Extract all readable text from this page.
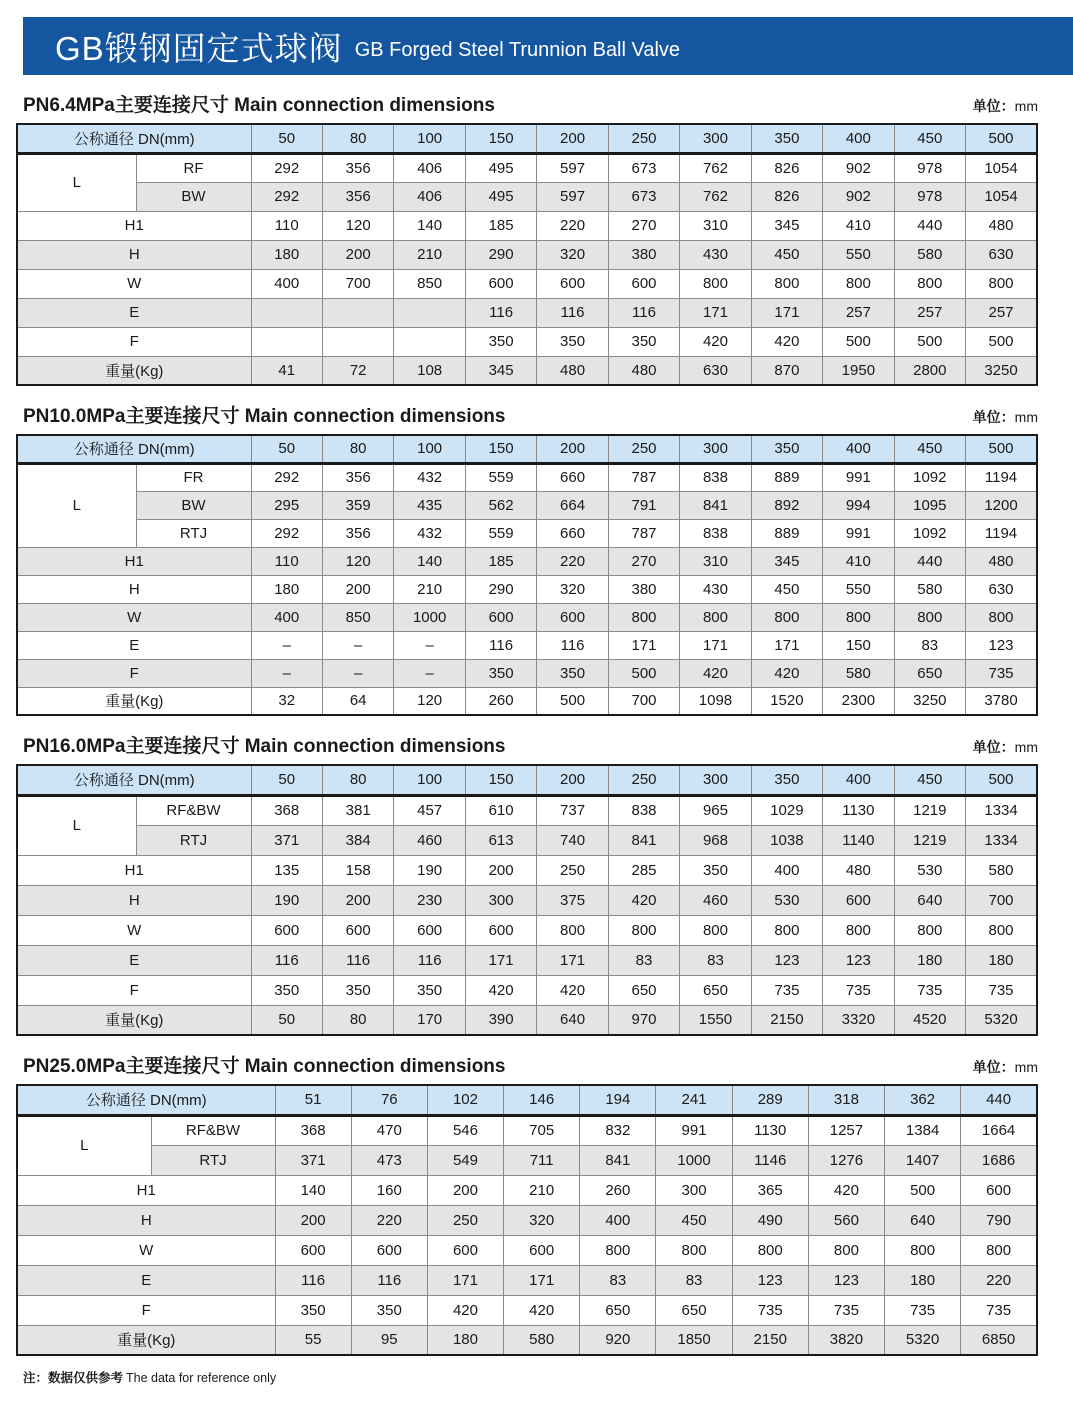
GB锻钢固定式球阀 GB Forged Steel Trunnion Ball Valve
PN6.4MPa主要连接尺寸 Main connection dimensions	单位：mm
公称通径 DN(mm)		50	80	100	150	200	250	300	350	400	450	500
L	RF	292	356	406	495	597	673	762	826	902	978	1054
	BW	292	356	406	495	597	673	762	826	902	978	1054
H1		110	120	140	185	220	270	310	345	410	440	480
H		180	200	210	290	320	380	430	450	550	580	630
W		400	700	850	600	600	600	800	800	800	800	800
E					116	116	116	171	171	257	257	257
F					350	350	350	420	420	500	500	500
重量(Kg)		41	72	108	345	480	480	630	870	1950	2800	3250
PN10.0MPa主要连接尺寸 Main connection dimensions	单位：mm
公称通径 DN(mm)		50	80	100	150	200	250	300	350	400	450	500
L	FR	292	356	432	559	660	787	838	889	991	1092	1194
	BW	295	359	435	562	664	791	841	892	994	1095	1200
	RTJ	292	356	432	559	660	787	838	889	991	1092	1194
H1		110	120	140	185	220	270	310	345	410	440	480
H		180	200	210	290	320	380	430	450	550	580	630
W		400	850	1000	600	600	800	800	800	800	800	800
E		–	–	–	116	116	171	171	171	150	83	123
F		–	–	–	350	350	500	420	420	580	650	735
重量(Kg)		32	64	120	260	500	700	1098	1520	2300	3250	3780
PN16.0MPa主要连接尺寸 Main connection dimensions	单位：mm
公称通径 DN(mm)		50	80	100	150	200	250	300	350	400	450	500
L	RF&BW	368	381	457	610	737	838	965	1029	1130	1219	1334
	RTJ	371	384	460	613	740	841	968	1038	1140	1219	1334
H1		135	158	190	200	250	285	350	400	480	530	580
H		190	200	230	300	375	420	460	530	600	640	700
W		600	600	600	600	800	800	800	800	800	800	800
E		116	116	116	171	171	83	83	123	123	180	180
F		350	350	350	420	420	650	650	735	735	735	735
重量(Kg)		50	80	170	390	640	970	1550	2150	3320	4520	5320
PN25.0MPa主要连接尺寸 Main connection dimensions	单位：mm
公称通径 DN(mm)		51	76	102	146	194	241	289	318	362	440
L	RF&BW	368	470	546	705	832	991	1130	1257	1384	1664
	RTJ	371	473	549	711	841	1000	1146	1276	1407	1686
H1		140	160	200	210	260	300	365	420	500	600
H		200	220	250	320	400	450	490	560	640	790
W		600	600	600	600	800	800	800	800	800	800
E		116	116	171	171	83	83	123	123	180	220
F		350	350	420	420	650	650	735	735	735	735
重量(Kg)		55	95	180	580	920	1850	2150	3820	5320	6850
注：数据仅供参考 The data for reference only
